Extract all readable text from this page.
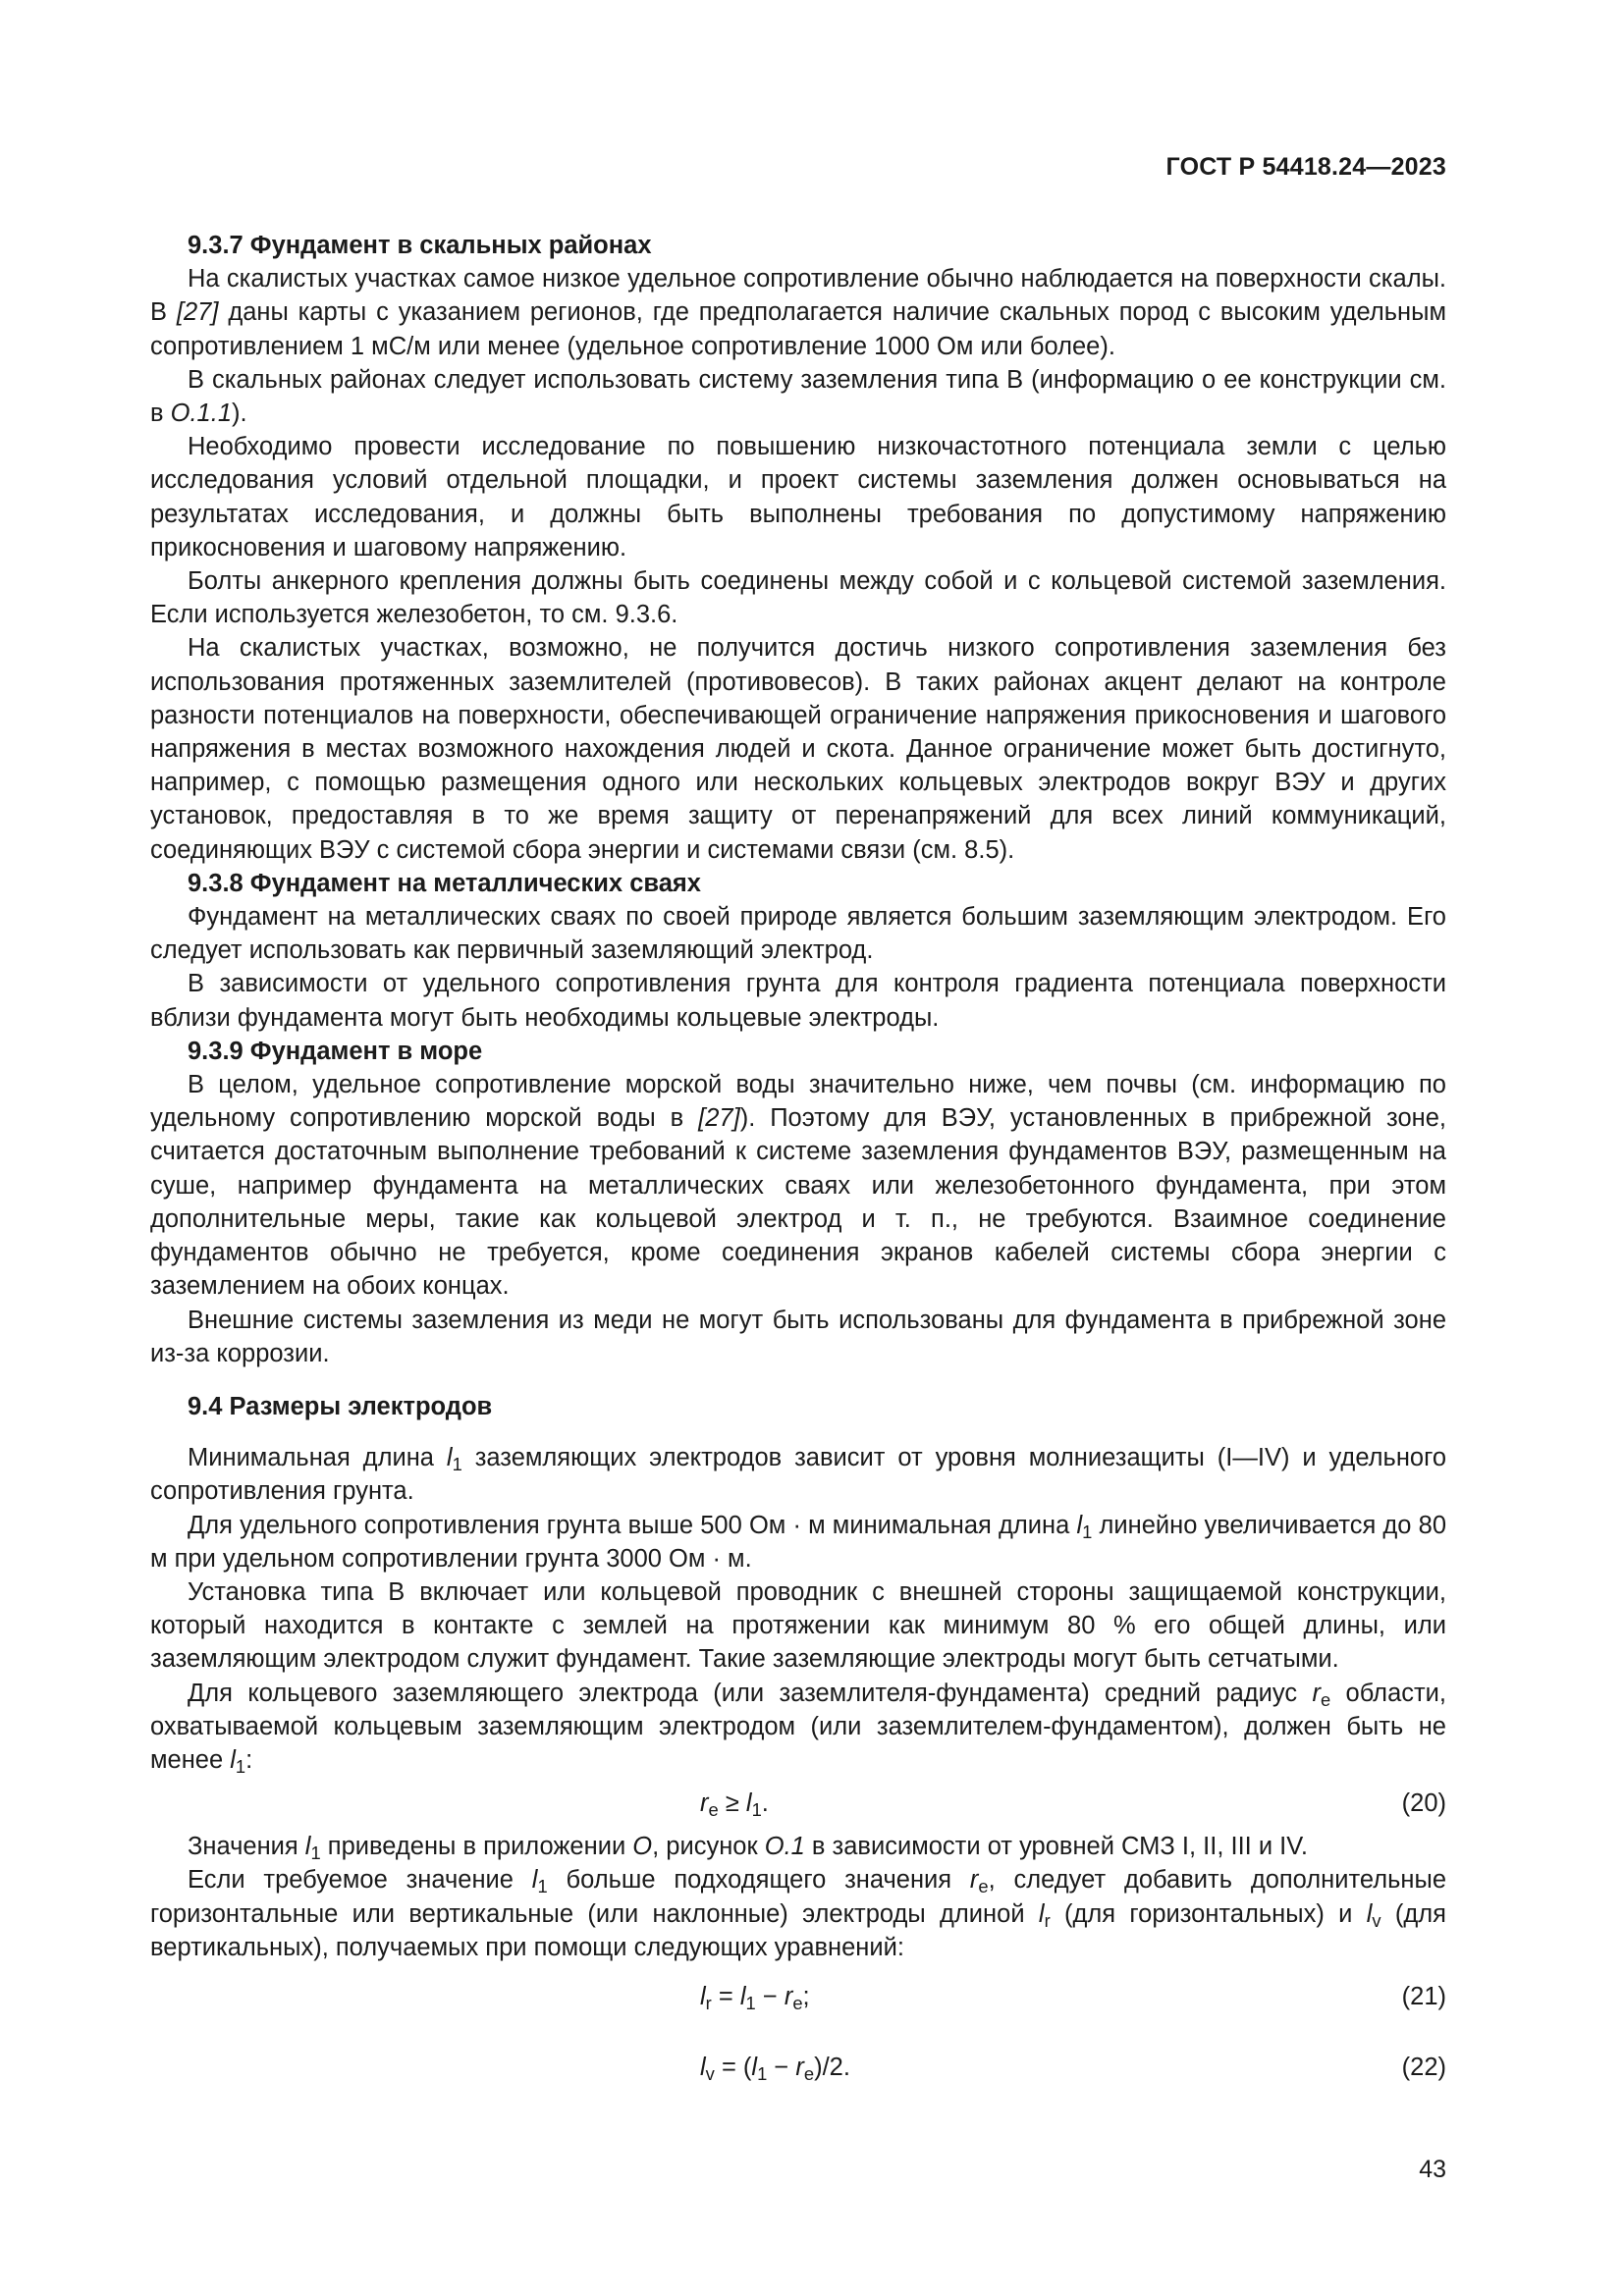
ГОСТ Р 54418.24—2023

9.3.7 Фундамент в скальных районах

На скалистых участках самое низкое удельное сопротивление обычно наблюдается на поверхности скалы. В [27] даны карты с указанием регионов, где предполагается наличие скальных пород с высоким удельным сопротивлением 1 мС/м или менее (удельное сопротивление 1000 Ом или более).

В скальных районах следует использовать систему заземления типа В (информацию о ее конструкции см. в О.1.1).

Необходимо провести исследование по повышению низкочастотного потенциала земли с целью исследования условий отдельной площадки, и проект системы заземления должен основываться на результатах исследования, и должны быть выполнены требования по допустимому напряжению прикосновения и шаговому напряжению.

Болты анкерного крепления должны быть соединены между собой и с кольцевой системой заземления. Если используется железобетон, то см. 9.3.6.

На скалистых участках, возможно, не получится достичь низкого сопротивления заземления без использования протяженных заземлителей (противовесов). В таких районах акцент делают на контроле разности потенциалов на поверхности, обеспечивающей ограничение напряжения прикосновения и шагового напряжения в местах возможного нахождения людей и скота. Данное ограничение может быть достигнуто, например, с помощью размещения одного или нескольких кольцевых электродов вокруг ВЭУ и других установок, предоставляя в то же время защиту от перенапряжений для всех линий коммуникаций, соединяющих ВЭУ с системой сбора энергии и системами связи (см. 8.5).

9.3.8 Фундамент на металлических сваях

Фундамент на металлических сваях по своей природе является большим заземляющим электродом. Его следует использовать как первичный заземляющий электрод.

В зависимости от удельного сопротивления грунта для контроля градиента потенциала поверхности вблизи фундамента могут быть необходимы кольцевые электроды.

9.3.9 Фундамент в море

В целом, удельное сопротивление морской воды значительно ниже, чем почвы (см. информацию по удельному сопротивлению морской воды в [27]). Поэтому для ВЭУ, установленных в прибрежной зоне, считается достаточным выполнение требований к системе заземления фундаментов ВЭУ, размещенным на суше, например фундамента на металлических сваях или железобетонного фундамента, при этом дополнительные меры, такие как кольцевой электрод и т. п., не требуются. Взаимное соединение фундаментов обычно не требуется, кроме соединения экранов кабелей системы сбора энергии с заземлением на обоих концах.

Внешние системы заземления из меди не могут быть использованы для фундамента в прибрежной зоне из-за коррозии.

9.4 Размеры электродов

Минимальная длина $l_1$ заземляющих электродов зависит от уровня молниезащиты (I—IV) и удельного сопротивления грунта.

Для удельного сопротивления грунта выше 500 Ом · м минимальная длина $l_1$ линейно увеличивается до 80 м при удельном сопротивлении грунта 3000 Ом · м.

Установка типа В включает или кольцевой проводник с внешней стороны защищаемой конструкции, который находится в контакте с землей на протяжении как минимум 80 % его общей длины, или заземляющим электродом служит фундамент. Такие заземляющие электроды могут быть сетчатыми.

Для кольцевого заземляющего электрода (или заземлителя-фундамента) средний радиус $r_e$ области, охватываемой кольцевым заземляющим электродом (или заземлителем-фундаментом), должен быть не менее $l_1$:

$r_e \ge l_1$.	(20)

Значения $l_1$ приведены в приложении О, рисунок О.1 в зависимости от уровней СМЗ I, II, III и IV.

Если требуемое значение $l_1$ больше подходящего значения $r_e$, следует добавить дополнительные горизонтальные или вертикальные (или наклонные) электроды длиной $l_r$ (для горизонтальных) и $l_v$ (для вертикальных), получаемых при помощи следующих уравнений:

$l_r = l_1 - r_e$;	(21)
$l_v = (l_1 - r_e)/2$.	(22)
43
